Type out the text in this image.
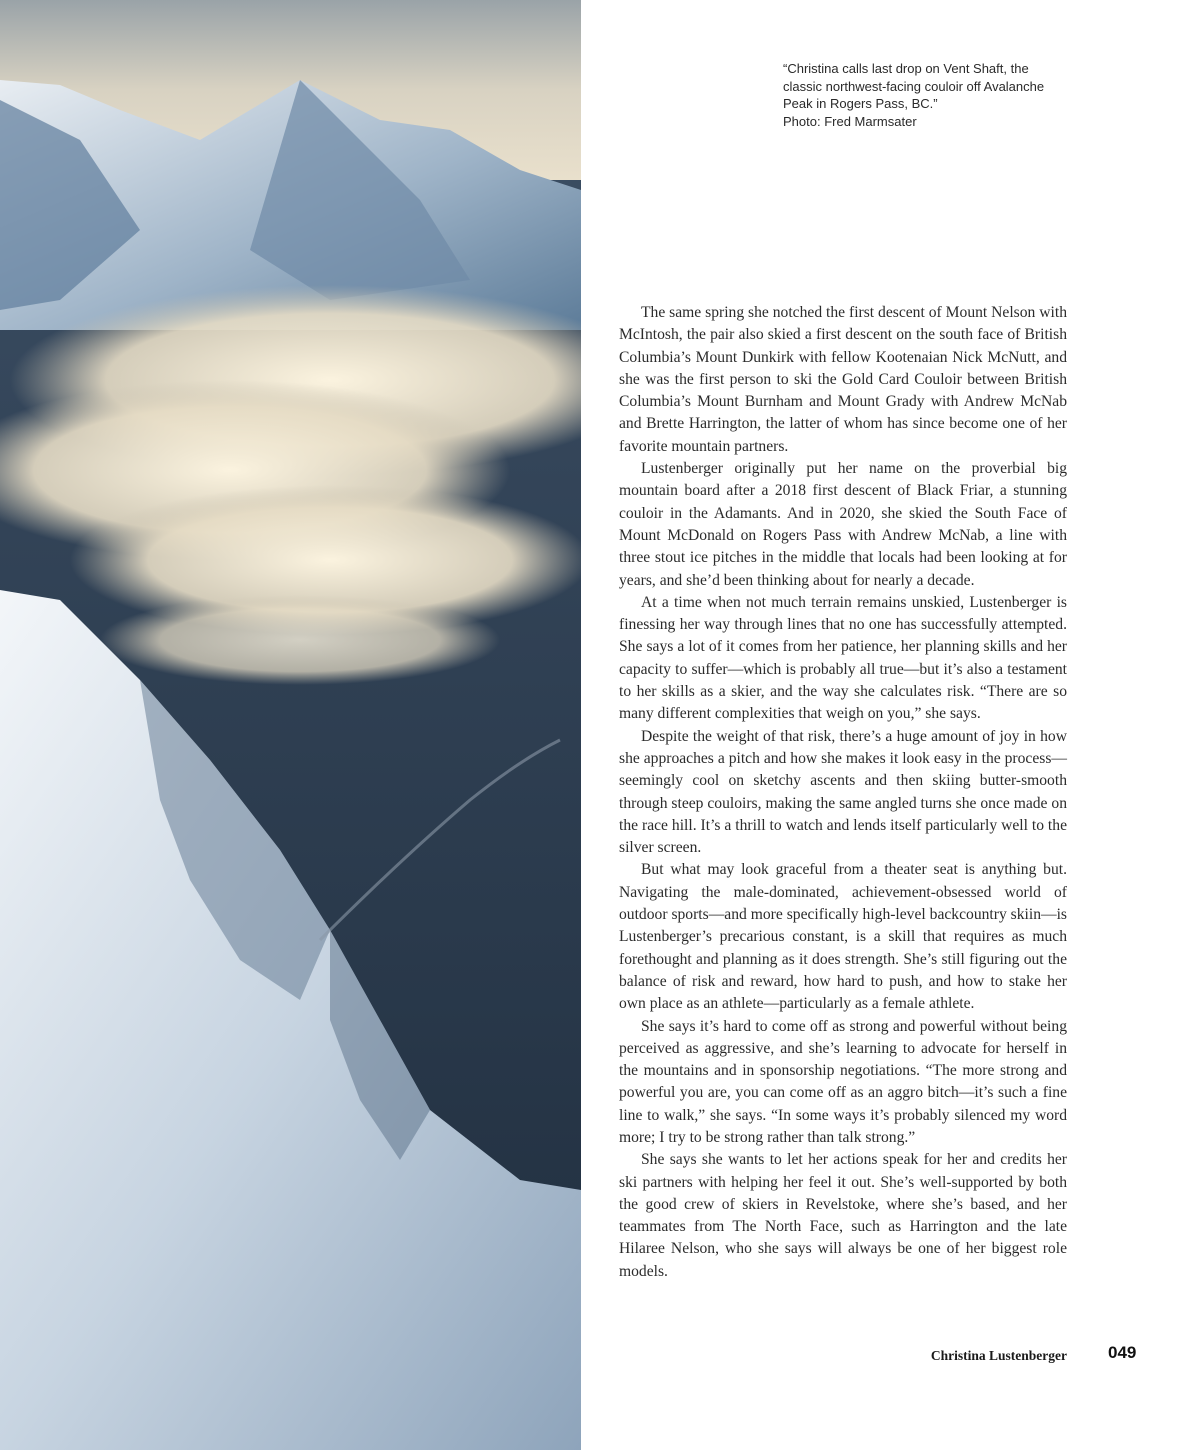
“Christina calls last drop on Vent Shaft, the
classic northwest-facing couloir off Avalanche
Peak in Rogers Pass, BC.”
Photo: Fred Marmsater

The same spring she notched the first descent of Mount Nelson with McIntosh, the pair also skied a first descent on the south face of British Columbia’s Mount Dunkirk with fellow Kootenaian Nick McNutt, and she was the first person to ski the Gold Card Couloir between British Columbia’s Mount Burnham and Mount Grady with Andrew McNab and Brette Harrington, the latter of whom has since become one of her favorite mountain partners.

Lustenberger originally put her name on the proverbial big mountain board after a 2018 first descent of Black Friar, a stunning couloir in the Adamants. And in 2020, she skied the South Face of Mount McDonald on Rogers Pass with Andrew McNab, a line with three stout ice pitches in the middle that locals had been looking at for years, and she’d been thinking about for nearly a decade.

At a time when not much terrain remains unskied, Lustenberger is finessing her way through lines that no one has successfully attempted. She says a lot of it comes from her patience, her planning skills and her capacity to suffer—which is probably all true—but it’s also a testament to her skills as a skier, and the way she calculates risk. “There are so many different complexities that weigh on you,” she says.

Despite the weight of that risk, there’s a huge amount of joy in how she approaches a pitch and how she makes it look easy in the process—seemingly cool on sketchy ascents and then skiing butter-smooth through steep couloirs, making the same angled turns she once made on the race hill. It’s a thrill to watch and lends itself particularly well to the silver screen.

But what may look graceful from a theater seat is anything but. Navigating the male-dominated, achievement-obsessed world of outdoor sports—and more specifically high-level backcountry skiin—is Lustenberger’s precarious constant, is a skill that requires as much forethought and planning as it does strength. She’s still figuring out the balance of risk and reward, how hard to push, and how to stake her own place as an athlete—particularly as a female athlete.

She says it’s hard to come off as strong and powerful without being perceived as aggressive, and she’s learning to advocate for herself in the mountains and in sponsorship negotiations. “The more strong and powerful you are, you can come off as an aggro bitch—it’s such a fine line to walk,” she says. “In some ways it’s probably silenced my word more; I try to be strong rather than talk strong.”

She says she wants to let her actions speak for her and credits her ski partners with helping her feel it out. She’s well-supported by both the good crew of skiers in Revelstoke, where she’s based, and her teammates from The North Face, such as Harrington and the late Hilaree Nelson, who she says will always be one of her biggest role models.

Christina Lustenberger 049
